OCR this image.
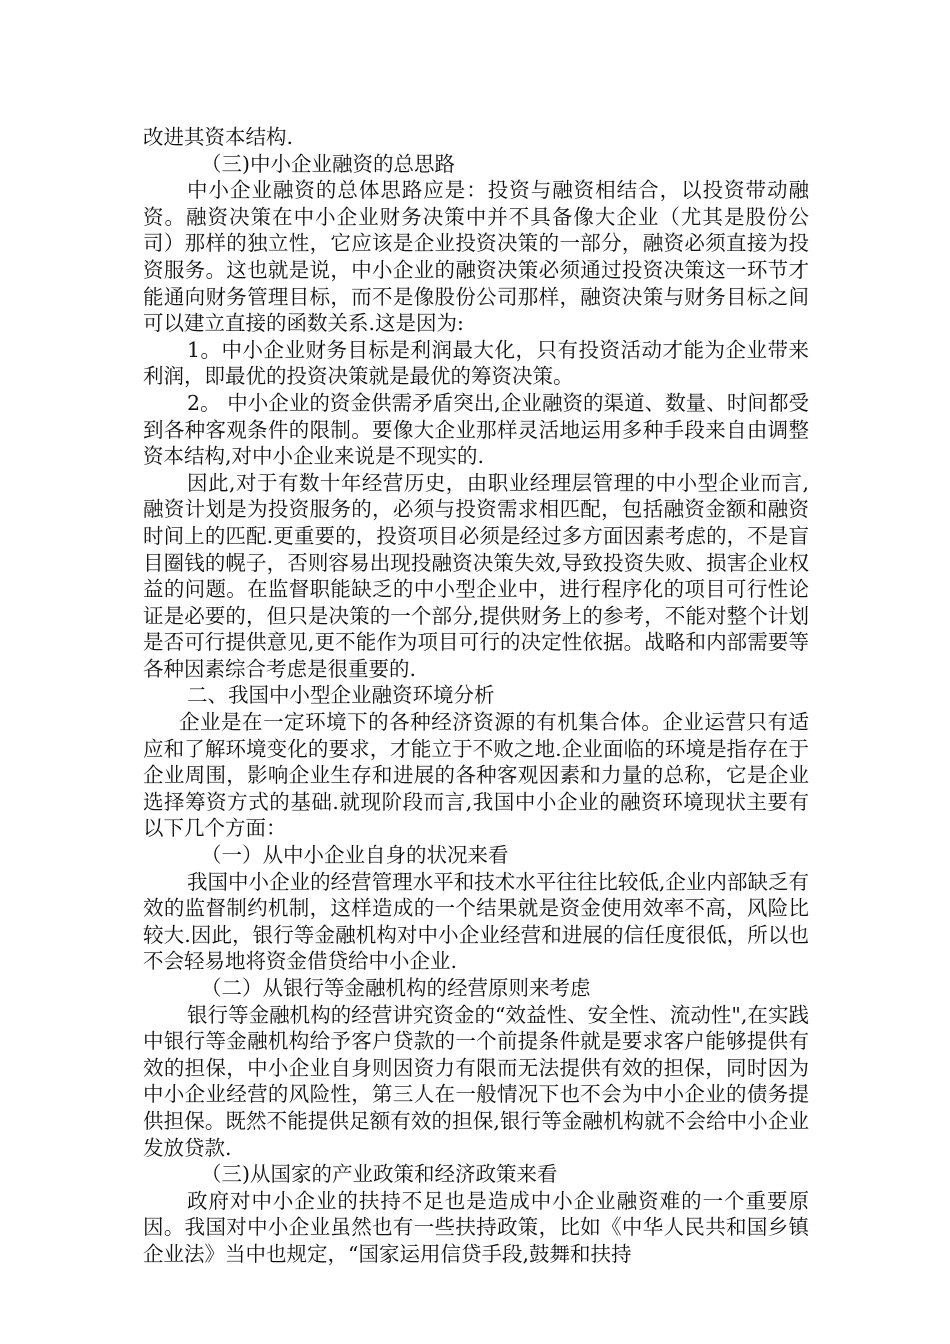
改进其资本结构.

（三)中小企业融资的总思路

中小企业融资的总体思路应是：投资与融资相结合，以投资带动融资。融资决策在中小企业财务决策中并不具备像大企业（尤其是股份公司）那样的独立性，它应该是企业投资决策的一部分，融资必须直接为投资服务。这也就是说，中小企业的融资决策必须通过投资决策这一环节才能通向财务管理目标，而不是像股份公司那样，融资决策与财务目标之间可以建立直接的函数关系.这是因为:

1。中小企业财务目标是利润最大化，只有投资活动才能为企业带来利润，即最优的投资决策就是最优的筹资决策。

2。 中小企业的资金供需矛盾突出,企业融资的渠道、数量、时间都受到各种客观条件的限制。要像大企业那样灵活地运用多种手段来自由调整资本结构,对中小企业来说是不现实的.

因此,对于有数十年经营历史，由职业经理层管理的中小型企业而言,融资计划是为投资服务的，必须与投资需求相匹配，包括融资金额和融资时间上的匹配.更重要的，投资项目必须是经过多方面因素考虑的，不是盲目圈钱的幌子，否则容易出现投融资决策失效,导致投资失败、损害企业权益的问题。在监督职能缺乏的中小型企业中，进行程序化的项目可行性论证是必要的，但只是决策的一个部分,提供财务上的参考，不能对整个计划是否可行提供意见,更不能作为项目可行的决定性依据。战略和内部需要等各种因素综合考虑是很重要的.

二、我国中小型企业融资环境分析

企业是在一定环境下的各种经济资源的有机集合体。企业运营只有适应和了解环境变化的要求，才能立于不败之地.企业面临的环境是指存在于企业周围，影响企业生存和进展的各种客观因素和力量的总称，它是企业选择筹资方式的基础.就现阶段而言,我国中小企业的融资环境现状主要有以下几个方面：

（一）从中小企业自身的状况来看

我国中小企业的经营管理水平和技术水平往往比较低,企业内部缺乏有效的监督制约机制，这样造成的一个结果就是资金使用效率不高，风险比较大.因此，银行等金融机构对中小企业经营和进展的信任度很低，所以也不会轻易地将资金借贷给中小企业.

（二）从银行等金融机构的经营原则来考虑

银行等金融机构的经营讲究资金的“效益性、安全性、流动性",在实践中银行等金融机构给予客户贷款的一个前提条件就是要求客户能够提供有效的担保，中小企业自身则因资力有限而无法提供有效的担保，同时因为中小企业经营的风险性，第三人在一般情况下也不会为中小企业的债务提供担保。既然不能提供足额有效的担保,银行等金融机构就不会给中小企业发放贷款.

（三)从国家的产业政策和经济政策来看

政府对中小企业的扶持不足也是造成中小企业融资难的一个重要原因。我国对中小企业虽然也有一些扶持政策，比如《中华人民共和国乡镇企业法》当中也规定，“国家运用信贷手段,鼓舞和扶持
